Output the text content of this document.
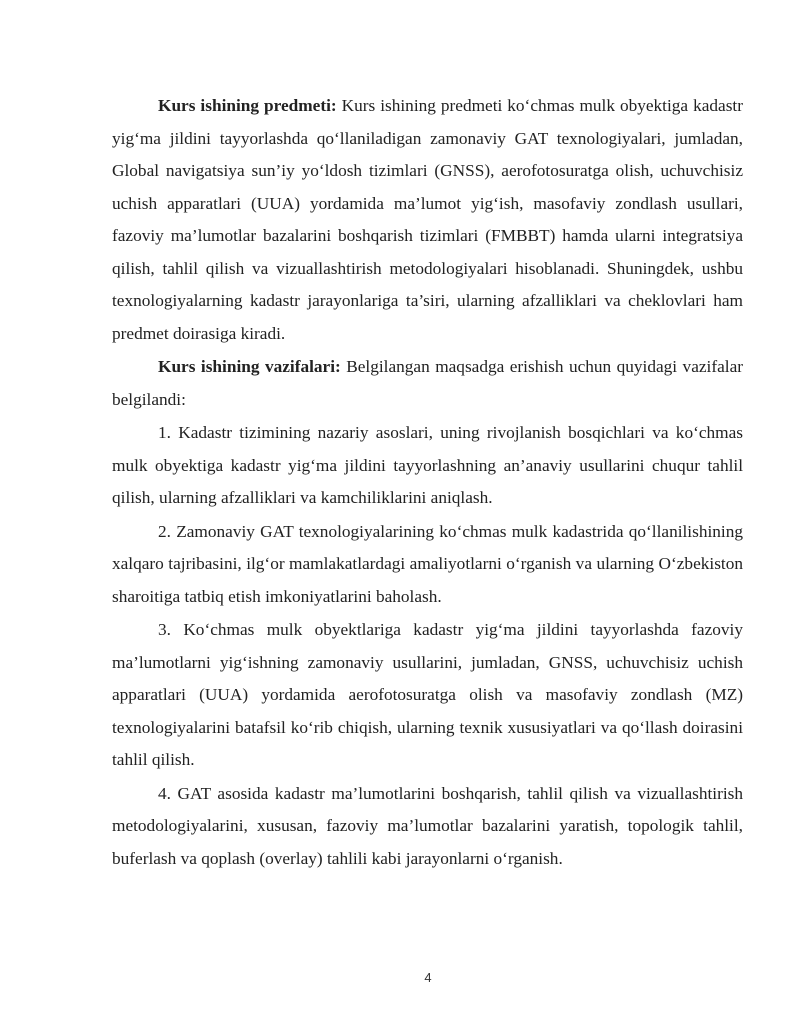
Kurs ishining predmeti: Kurs ishining predmeti ko‘chmas mulk obyektiga kadastr yig‘ma jildini tayyorlashda qo‘llaniladigan zamonaviy GAT texnologiyalari, jumladan, Global navigatsiya sun’iy yo‘ldosh tizimlari (GNSS), aerofotosuratga olish, uchuvchisiz uchish apparatlari (UUA) yordamida ma’lumot yig‘ish, masofaviy zondlash usullari, fazoviy ma’lumotlar bazalarini boshqarish tizimlari (FMBBT) hamda ularni integratsiya qilish, tahlil qilish va vizuallashtirish metodologiyalari hisoblanadi. Shuningdek, ushbu texnologiyalarning kadastr jarayonlariga ta’siri, ularning afzalliklari va cheklovlari ham predmet doirasiga kiradi.

Kurs ishining vazifalari: Belgilangan maqsadga erishish uchun quyidagi vazifalar belgilandi:

1. Kadastr tizimining nazariy asoslari, uning rivojlanish bosqichlari va ko‘chmas mulk obyektiga kadastr yig‘ma jildini tayyorlashning an’anaviy usullarini chuqur tahlil qilish, ularning afzalliklari va kamchiliklarini aniqlash.

2. Zamonaviy GAT texnologiyalarining ko‘chmas mulk kadastrida qo‘llanilishining xalqaro tajribasini, ilg‘or mamlakatlardagi amaliyotlarni o‘rganish va ularning O‘zbekiston sharoitiga tatbiq etish imkoniyatlarini baholash.

3. Ko‘chmas mulk obyektlariga kadastr yig‘ma jildini tayyorlashda fazoviy ma’lumotlarni yig‘ishning zamonaviy usullarini, jumladan, GNSS, uchuvchisiz uchish apparatlari (UUA) yordamida aerofotosuratga olish va masofaviy zondlash (MZ) texnologiyalarini batafsil ko‘rib chiqish, ularning texnik xususiyatlari va qo‘llash doirasini tahlil qilish.

4. GAT asosida kadastr ma’lumotlarini boshqarish, tahlil qilish va vizuallashtirish metodologiyalarini, xususan, fazoviy ma’lumotlar bazalarini yaratish, topologik tahlil, buferlash va qoplash (overlay) tahlili kabi jarayonlarni o‘rganish.

4
